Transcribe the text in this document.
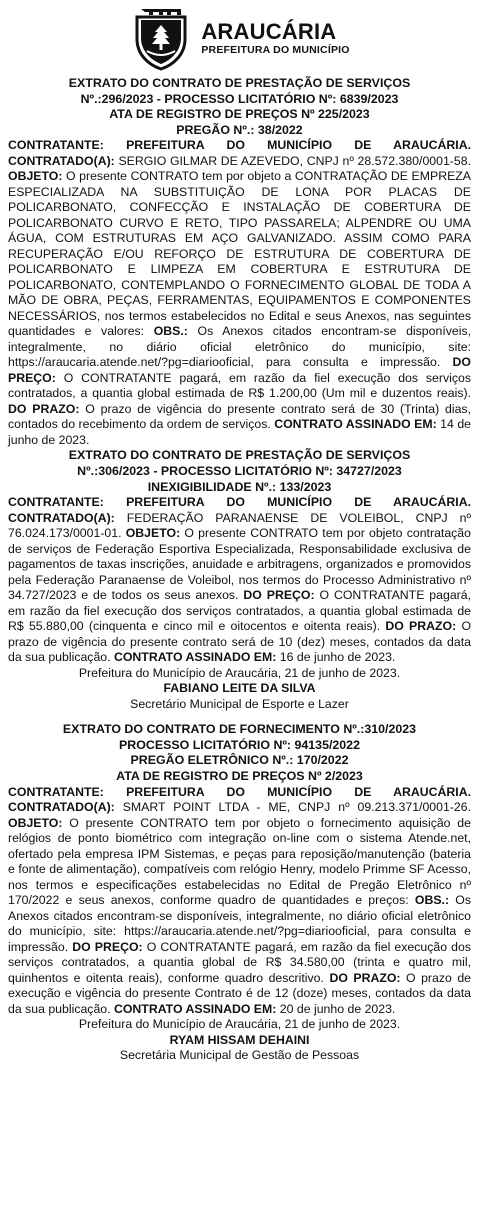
ARAUCÁRIA
PREFEITURA DO MUNICÍPIO
EXTRATO DO CONTRATO DE PRESTAÇÃO DE SERVIÇOS
Nº.:296/2023 - PROCESSO LICITATÓRIO Nº: 6839/2023
ATA DE REGISTRO DE PREÇOS Nº 225/2023
PREGÃO Nº.: 38/2022

CONTRATANTE: PREFEITURA DO MUNICÍPIO DE ARAUCÁRIA. CONTRATADO(A): SERGIO GILMAR DE AZEVEDO, CNPJ nº 28.572.380/0001-58. OBJETO: O presente CONTRATO tem por objeto a CONTRATAÇÃO DE EMPREZA ESPECIALIZADA NA SUBSTITUIÇÃO DE LONA POR PLACAS DE POLICARBONATO, CONFECÇÃO E INSTALAÇÃO DE COBERTURA DE POLICARBONATO CURVO E RETO, TIPO PASSARELA; ALPENDRE OU UMA ÁGUA, COM ESTRUTURAS EM AÇO GALVANIZADO. ASSIM COMO PARA RECUPERAÇÃO E/OU REFORÇO DE ESTRUTURA DE COBERTURA DE POLICARBONATO E LIMPEZA EM COBERTURA E ESTRUTURA DE POLICARBONATO, CONTEMPLANDO O FORNECIMENTO GLOBAL DE TODA A MÃO DE OBRA, PEÇAS, FERRAMENTAS, EQUIPAMENTOS E COMPONENTES NECESSÁRIOS, nos termos estabelecidos no Edital e seus Anexos, nas seguintes quantidades e valores: OBS.: Os Anexos citados encontram-se disponíveis, integralmente, no diário oficial eletrônico do município, site: https://araucaria.atende.net/?pg=diariooficial, para consulta e impressão. DO PREÇO: O CONTRATANTE pagará, em razão da fiel execução dos serviços contratados, a quantia global estimada de R$ 1.200,00 (Um mil e duzentos reais). DO PRAZO: O prazo de vigência do presente contrato será de 30 (Trinta) dias, contados do recebimento da ordem de serviços. CONTRATO ASSINADO EM: 14 de junho de 2023.

EXTRATO DO CONTRATO DE PRESTAÇÃO DE SERVIÇOS
Nº.:306/2023 - PROCESSO LICITATÓRIO Nº: 34727/2023
INEXIGIBILIDADE Nº.: 133/2023

CONTRATANTE: PREFEITURA DO MUNICÍPIO DE ARAUCÁRIA. CONTRATADO(A): FEDERAÇÃO PARANAENSE DE VOLEIBOL, CNPJ nº 76.024.173/0001-01. OBJETO: O presente CONTRATO tem por objeto contratação de serviços de Federação Esportiva Especializada, Responsabilidade exclusiva de pagamentos de taxas inscrições, anuidade e arbitragens, organizados e promovidos pela Federação Paranaense de Voleibol, nos termos do Processo Administrativo nº 34.727/2023 e de todos os seus anexos. DO PREÇO: O CONTRATANTE pagará, em razão da fiel execução dos serviços contratados, a quantia global estimada de R$ 55.880,00 (cinquenta e cinco mil e oitocentos e oitenta reais). DO PRAZO: O prazo de vigência do presente contrato será de 10 (dez) meses, contados da data da sua publicação. CONTRATO ASSINADO EM: 16 de junho de 2023.

Prefeitura do Município de Araucária, 21 de junho de 2023.
FABIANO LEITE DA SILVA
Secretário Municipal de Esporte e Lazer
EXTRATO DO CONTRATO DE FORNECIMENTO Nº.:310/2023
PROCESSO LICITATÓRIO Nº: 94135/2022
PREGÃO ELETRÔNICO Nº.: 170/2022
ATA DE REGISTRO DE PREÇOS Nº 2/2023

CONTRATANTE: PREFEITURA DO MUNICÍPIO DE ARAUCÁRIA. CONTRATADO(A): SMART POINT LTDA - ME, CNPJ nº 09.213.371/0001-26. OBJETO: O presente CONTRATO tem por objeto o fornecimento aquisição de relógios de ponto biométrico com integração on-line com o sistema Atende.net, ofertado pela empresa IPM Sistemas, e peças para reposição/manutenção (bateria e fonte de alimentação), compatíveis com relógio Henry, modelo Primme SF Acesso, nos termos e especificações estabelecidas no Edital de Pregão Eletrônico nº 170/2022 e seus anexos, conforme quadro de quantidades e preços: OBS.: Os Anexos citados encontram-se disponíveis, integralmente, no diário oficial eletrônico do município, site: https://araucaria.atende.net/?pg=diariooficial, para consulta e impressão. DO PREÇO: O CONTRATANTE pagará, em razão da fiel execução dos serviços contratados, a quantia global de R$ 34.580,00 (trinta e quatro mil, quinhentos e oitenta reais), conforme quadro descritivo. DO PRAZO: O prazo de execução e vigência do presente Contrato é de 12 (doze) meses, contados da data da sua publicação. CONTRATO ASSINADO EM: 20 de junho de 2023.

Prefeitura do Município de Araucária, 21 de junho de 2023.
RYAM HISSAM DEHAINI
Secretária Municipal de Gestão de Pessoas
